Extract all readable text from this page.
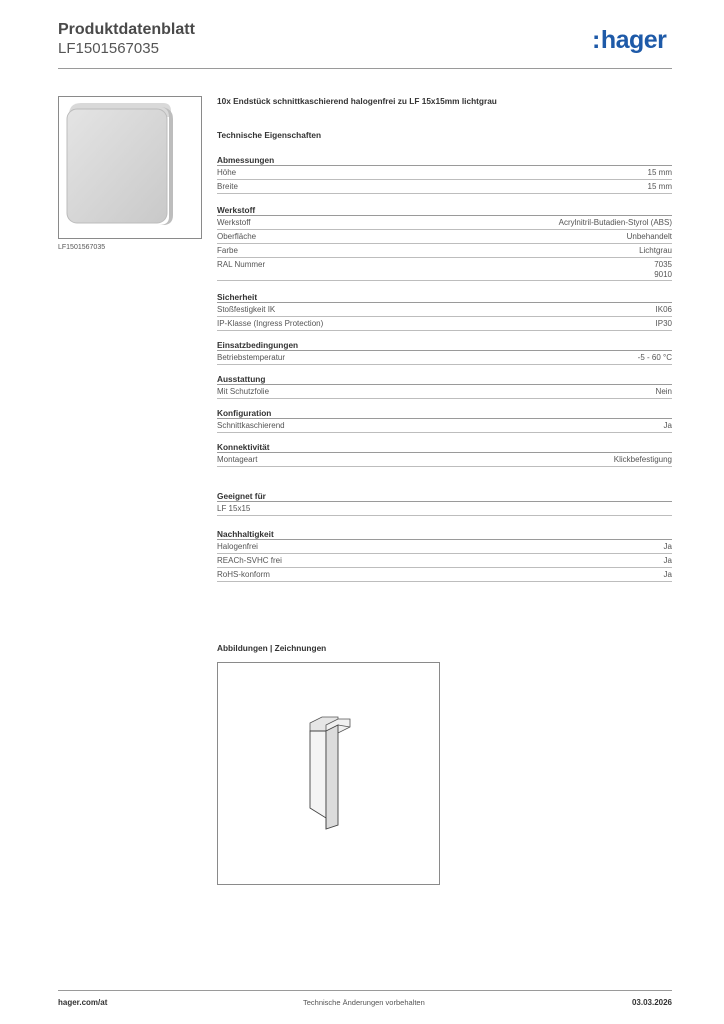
Produktdatenblatt
LF1501567035	:hager
LF1501567035
10x Endstück schnittkaschierend halogenfrei zu LF 15x15mm lichtgrau
Technische Eigenschaften
Abmessungen
Höhe	15 mm
Breite	15 mm
Werkstoff
Werkstoff	Acrylnitril-Butadien-Styrol (ABS)
Oberfläche	Unbehandelt
Farbe	Lichtgrau
RAL Nummer	7035
9010
Sicherheit
Stoßfestigkeit IK	IK06
IP-Klasse (Ingress Protection)	IP30
Einsatzbedingungen
Betriebstemperatur	-5 - 60 °C
Ausstattung
Mit Schutzfolie	Nein
Konfiguration
Schnittkaschierend	Ja
Konnektivität
Montageart	Klickbefestigung
Geeignet für
LF 15x15
Nachhaltigkeit
Halogenfrei	Ja
REACh-SVHC frei	Ja
RoHS-konform	Ja
Abbildungen | Zeichnungen
hager.com/at	Technische Änderungen vorbehalten	03.03.2026
